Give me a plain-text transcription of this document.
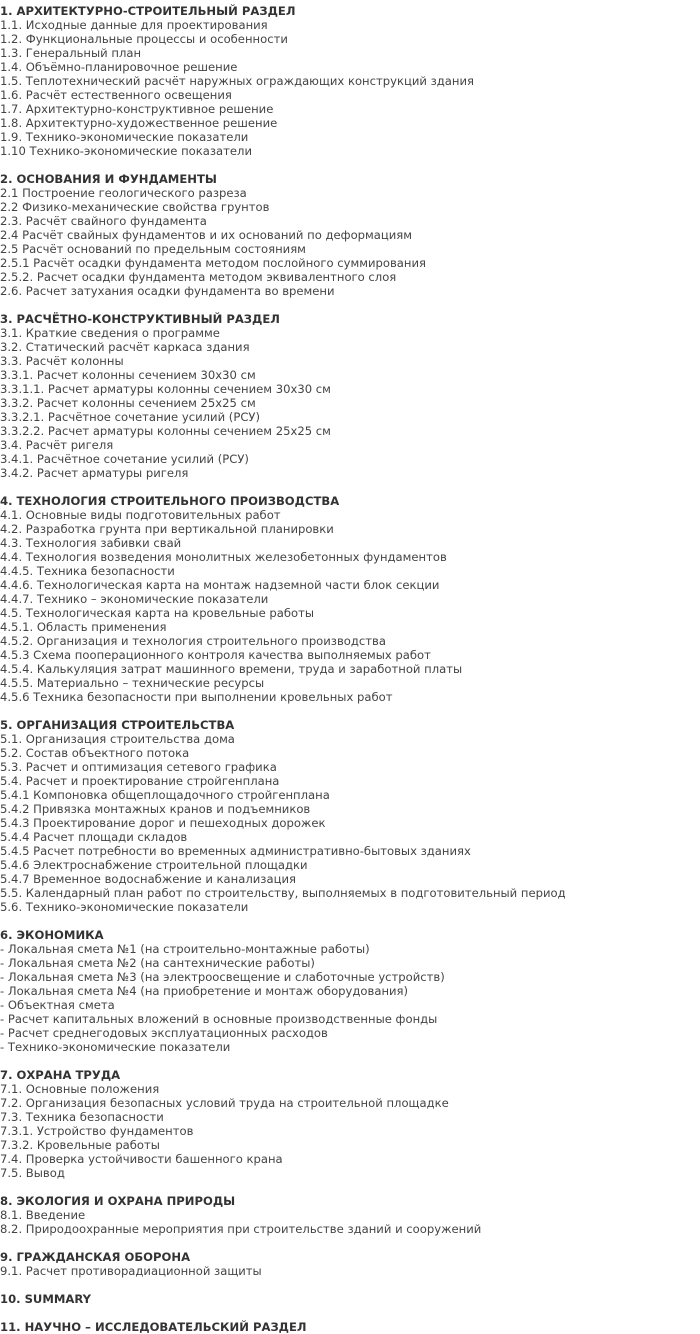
1. АРХИТЕКТУРНО-СТРОИТЕЛЬНЫЙ РАЗДЕЛ
1.1. Исходные данные для проектирования
1.2. Функциональные процессы и особенности
1.3. Генеральный план
1.4. Объёмно-планировочное решение
1.5. Теплотехнический расчёт наружных ограждающих конструкций здания
1.6. Расчёт естественного освещения
1.7. Архитектурно-конструктивное решение
1.8. Архитектурно-художественное решение
1.9. Технико-экономические показатели
1.10 Технико-экономические показатели
2. ОСНОВАНИЯ И ФУНДАМЕНТЫ
2.1 Построение геологического разреза
2.2 Физико-механические свойства грунтов
2.3. Расчёт свайного фундамента
2.4 Расчёт свайных фундаментов и их оснований по деформациям
2.5 Расчёт оснований по предельным состояниям
2.5.1 Расчёт осадки фундамента методом послойного суммирования
2.5.2. Расчет осадки фундамента методом эквивалентного слоя
2.6. Расчет затухания осадки фундамента во времени
3. РАСЧЁТНО-КОНСТРУКТИВНЫЙ РАЗДЕЛ
3.1. Краткие сведения о программе
3.2. Статический расчёт каркаса здания
3.3. Расчёт колонны
3.3.1. Расчет колонны сечением 30х30 см
3.3.1.1. Расчет арматуры колонны сечением 30х30 см
3.3.2. Расчет колонны сечением 25х25 см
3.3.2.1. Расчётное сочетание усилий (РСУ)
3.3.2.2. Расчет арматуры колонны сечением 25х25 см
3.4. Расчёт ригеля
3.4.1. Расчётное сочетание усилий (РСУ)
3.4.2. Расчет арматуры ригеля
4. ТЕХНОЛОГИЯ СТРОИТЕЛЬНОГО ПРОИЗВОДСТВА
4.1. Основные виды подготовительных работ
4.2. Разработка грунта при вертикальной планировки
4.3. Технология забивки свай
4.4. Технология возведения монолитных железобетонных фундаментов
4.4.5. Техника безопасности
4.4.6. Технологическая карта на монтаж надземной части блок секции
4.4.7. Технико – экономические показатели
4.5. Технологическая карта на кровельные работы
4.5.1. Область применения
4.5.2. Организация и технология строительного производства
4.5.3 Схема пооперационного контроля качества выполняемых работ
4.5.4. Калькуляция затрат машинного времени, труда и заработной платы
4.5.5. Материально – технические ресурсы
4.5.6 Техника безопасности при выполнении кровельных работ
5. ОРГАНИЗАЦИЯ СТРОИТЕЛЬСТВА
5.1. Организация строительства дома
5.2. Состав объектного потока
5.3. Расчет и оптимизация сетевого графика
5.4. Расчет и проектирование стройгенплана
5.4.1 Компоновка общеплощадочного стройгенплана
5.4.2 Привязка монтажных кранов и подъемников
5.4.3 Проектирование дорог и пешеходных дорожек
5.4.4 Расчет площади складов
5.4.5 Расчет потребности во временных административно-бытовых зданиях
5.4.6 Электроснабжение строительной площадки
5.4.7 Временное водоснабжение и канализация
5.5. Календарный план работ по строительству, выполняемых в подготовительный период
5.6. Технико-экономические показатели
6. ЭКОНОМИКА
- Локальная смета №1 (на строительно-монтажные работы)
- Локальная смета №2 (на сантехнические работы)
- Локальная смета №3 (на электроосвещение и слаботочные устройств)
- Локальная смета №4 (на приобретение и монтаж оборудования)
- Объектная смета
- Расчет капитальных вложений в основные производственные фонды
- Расчет среднегодовых эксплуатационных расходов
- Технико-экономические показатели
7. ОХРАНА ТРУДА
7.1. Основные положения
7.2. Организация безопасных условий труда на строительной площадке
7.3. Техника безопасности
7.3.1. Устройство фундаментов
7.3.2. Кровельные работы
7.4. Проверка устойчивости башенного крана
7.5. Вывод
8. ЭКОЛОГИЯ И ОХРАНА ПРИРОДЫ
8.1. Введение
8.2. Природоохранные мероприятия при строительстве зданий и сооружений
9. ГРАЖДАНСКАЯ ОБОРОНА
9.1. Расчет противорадиационной защиты
10. SUMMARY
11. НАУЧНО – ИССЛЕДОВАТЕЛЬСКИЙ РАЗДЕЛ
